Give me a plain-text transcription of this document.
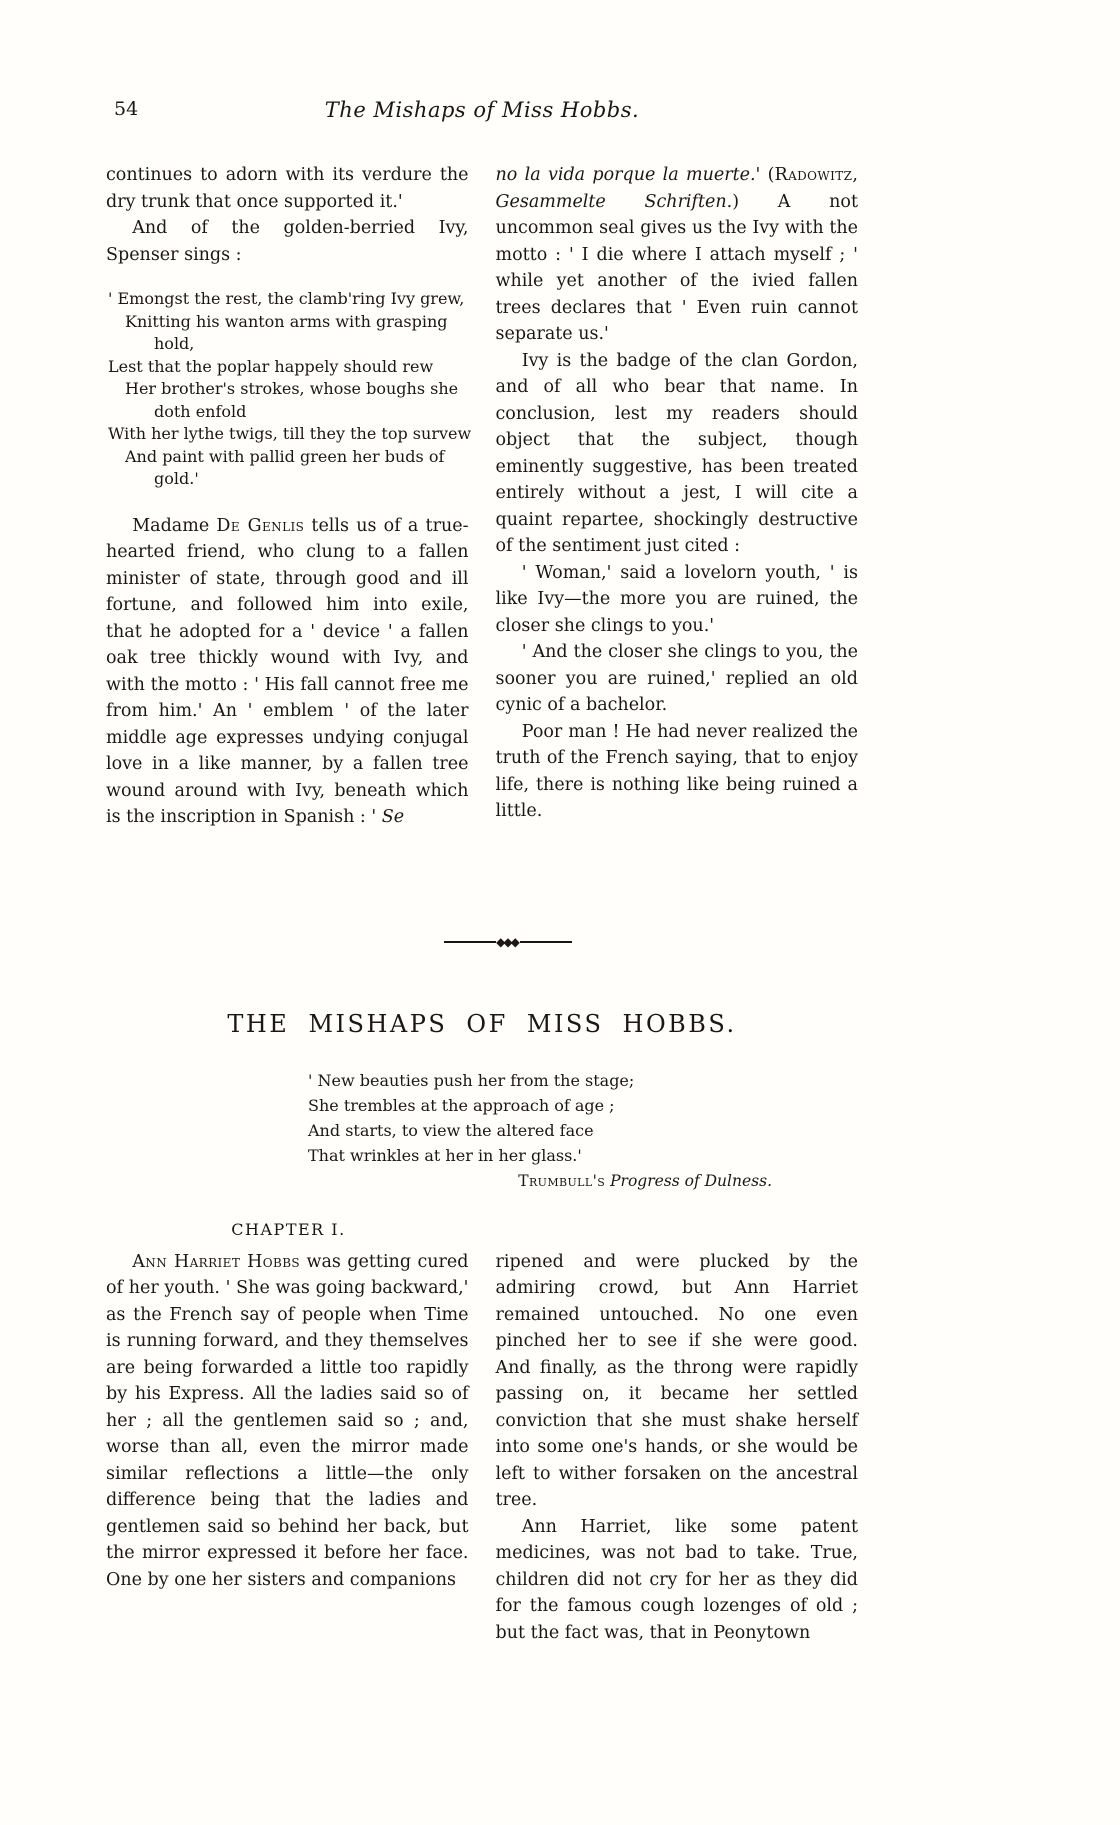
54	The Mishaps of Miss Hobbs.

continues to adorn with its verdure the dry trunk that once supported it.'

And of the golden-berried Ivy, Spenser sings :

' Emongst the rest, the clamb'ring Ivy grew,
Knitting his wanton arms with grasping
hold,
Lest that the poplar happely should rew
Her brother's strokes, whose boughs she
doth enfold
With her lythe twigs, till they the top survew
And paint with pallid green her buds of
gold.'

Madame De Genlis tells us of a true-hearted friend, who clung to a fallen minister of state, through good and ill fortune, and followed him into exile, that he adopted for a ' device ' a fallen oak tree thickly wound with Ivy, and with the motto : ' His fall cannot free me from him.' An ' emblem ' of the later middle age expresses undying conjugal love in a like manner, by a fallen tree wound around with Ivy, beneath which is the inscription in Spanish : ' Se

no la vida porque la muerte.' (Radowitz, Gesammelte Schriften.) A not uncommon seal gives us the Ivy with the motto : ' I die where I attach myself ; ' while yet another of the ivied fallen trees declares that ' Even ruin cannot separate us.'

Ivy is the badge of the clan Gordon, and of all who bear that name. In conclusion, lest my readers should object that the subject, though eminently suggestive, has been treated entirely without a jest, I will cite a quaint repartee, shockingly destructive of the sentiment just cited :

' Woman,' said a lovelorn youth, ' is like Ivy—the more you are ruined, the closer she clings to you.'

' And the closer she clings to you, the sooner you are ruined,' replied an old cynic of a bachelor.

Poor man ! He had never realized the truth of the French saying, that to enjoy life, there is nothing like being ruined a little.

◆◆◆
THE MISHAPS OF MISS HOBBS.
' New beauties push her from the stage;
She trembles at the approach of age ;
And starts, to view the altered face
That wrinkles at her in her glass.'
Trumbull's Progress of Dulness.
CHAPTER I.

Ann Harriet Hobbs was getting cured of her youth. ' She was going backward,' as the French say of people when Time is running forward, and they themselves are being forwarded a little too rapidly by his Express. All the ladies said so of her ; all the gentlemen said so ; and, worse than all, even the mirror made similar reflections a little—the only difference being that the ladies and gentlemen said so behind her back, but the mirror expressed it before her face. One by one her sisters and companions

ripened and were plucked by the admiring crowd, but Ann Harriet remained untouched. No one even pinched her to see if she were good. And finally, as the throng were rapidly passing on, it became her settled conviction that she must shake herself into some one's hands, or she would be left to wither forsaken on the ancestral tree.

Ann Harriet, like some patent medicines, was not bad to take. True, children did not cry for her as they did for the famous cough lozenges of old ; but the fact was, that in Peonytown
